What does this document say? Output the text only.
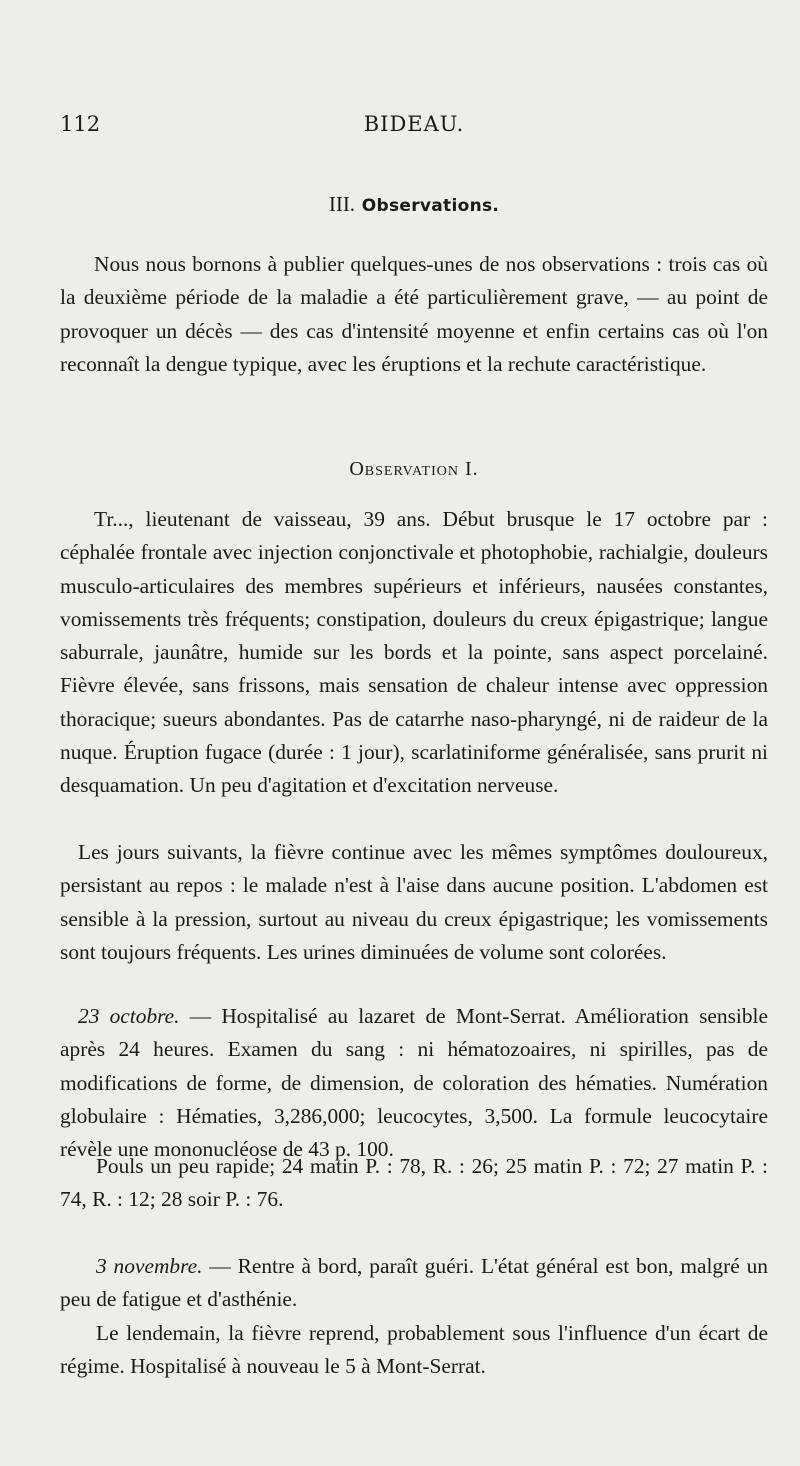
112	BIDEAU.
III. Observations.

Nous nous bornons à publier quelques-unes de nos observations : trois cas où la deuxième période de la maladie a été particulièrement grave, — au point de provoquer un décès — des cas d'intensité moyenne et enfin certains cas où l'on reconnaît la dengue typique, avec les éruptions et la rechute caractéristique.

Observation I.

Tr..., lieutenant de vaisseau, 39 ans. Début brusque le 17 octobre par : céphalée frontale avec injection conjonctivale et photophobie, rachialgie, douleurs musculo-articulaires des membres supérieurs et inférieurs, nausées constantes, vomissements très fréquents; constipation, douleurs du creux épigastrique; langue saburrale, jaunâtre, humide sur les bords et la pointe, sans aspect porcelainé. Fièvre élevée, sans frissons, mais sensation de chaleur intense avec oppression thoracique; sueurs abondantes. Pas de catarrhe naso-pharyngé, ni de raideur de la nuque. Éruption fugace (durée : 1 jour), scarlatiniforme généralisée, sans prurit ni desquamation. Un peu d'agitation et d'excitation nerveuse.

Les jours suivants, la fièvre continue avec les mêmes symptômes douloureux, persistant au repos : le malade n'est à l'aise dans aucune position. L'abdomen est sensible à la pression, surtout au niveau du creux épigastrique; les vomissements sont toujours fréquents. Les urines diminuées de volume sont colorées.

23 octobre. — Hospitalisé au lazaret de Mont-Serrat. Amélioration sensible après 24 heures. Examen du sang : ni hématozoaires, ni spirilles, pas de modifications de forme, de dimension, de coloration des hématies. Numération globulaire : Hématies, 3,286,000; leucocytes, 3,500. La formule leucocytaire révèle une mononucléose de 43 p. 100.

Pouls un peu rapide; 24 matin P. : 78, R. : 26; 25 matin P. : 72; 27 matin P. : 74, R. : 12; 28 soir P. : 76.

3 novembre. — Rentre à bord, paraît guéri. L'état général est bon, malgré un peu de fatigue et d'asthénie.

Le lendemain, la fièvre reprend, probablement sous l'influence d'un écart de régime. Hospitalisé à nouveau le 5 à Mont-Serrat.
